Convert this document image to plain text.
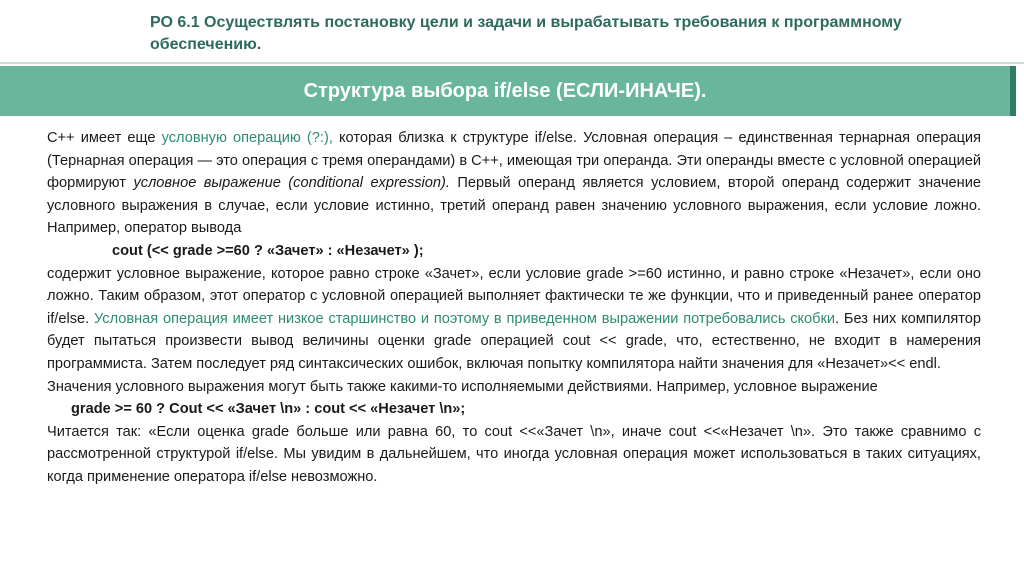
РО 6.1 Осуществлять постановку цели и задачи и вырабатывать требования к программному обеспечению.
Структура выбора if/else (ЕСЛИ-ИНАЧЕ).

С++ имеет еще условную операцию (?:), которая близка к структуре if/else. Условная операция – единственная тернарная операция (Тернарная операция — это операция с тремя операндами) в С++, имеющая три операнда. Эти операнды вместе с условной операцией формируют условное выражение (conditional expression). Первый операнд является условием, второй операнд содержит значение условного выражения в случае, если условие истинно, третий операнд равен значению условного выражения, если условие ложно. Например, оператор вывода

cout (<< grade >=60 ? «Зачет» : «Незачет» );

содержит условное выражение, которое равно строке «Зачет», если условие grade >=60 истинно, и равно строке «Незачет», если оно ложно. Таким образом, этот оператор с условной операцией выполняет фактически те же функции, что и приведенный ранее оператор if/else. Условная операция имеет низкое старшинство и поэтому в приведенном выражении потребовались скобки. Без них компилятор будет пытаться произвести вывод величины оценки grade операцией cout << grade, что, естественно, не входит в намерения программиста. Затем последует ряд синтаксических ошибок, включая попытку компилятора найти значения для «Незачет»<< endl.

Значения условного выражения могут быть также какими-то исполняемыми действиями. Например, условное выражение

grade >= 60 ? Cout << «Зачет \n» : cout << «Незачет \n»;

Читается так: «Если оценка grade больше или равна 60, то cout <<«Зачет \n», иначе cout <<«Незачет \n». Это также сравнимо с рассмотренной структурой if/else. Мы увидим в дальнейшем, что иногда условная операция может использоваться в таких ситуациях, когда применение оператора if/else невозможно.
